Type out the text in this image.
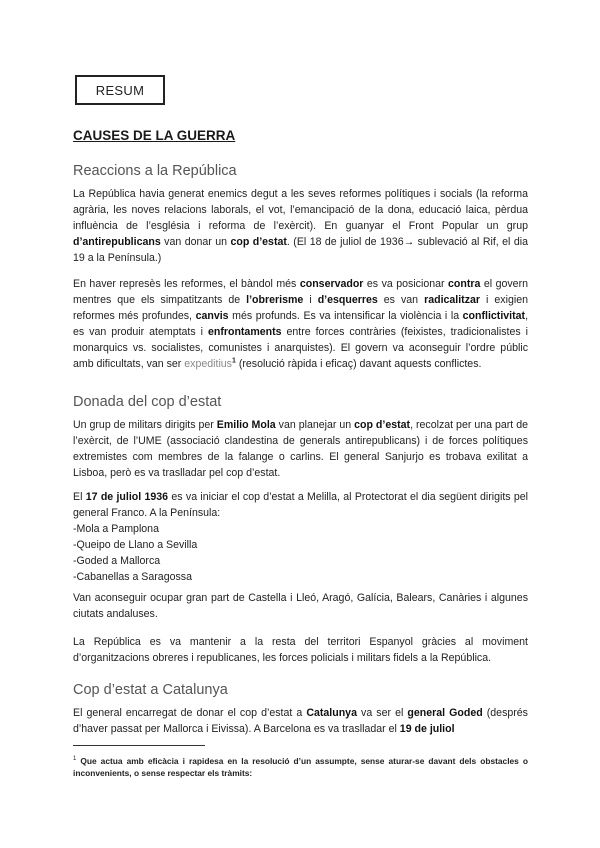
RESUM
CAUSES DE LA GUERRA
Reaccions a la República

La República havia generat enemics degut a les seves reformes polítiques i socials (la reforma agrària, les noves relacions laborals, el vot, l’emancipació de la dona, educació laica, pèrdua influència de l’església i reforma de l’exèrcit). En guanyar el Front Popular un grup d’antirepublicans van donar un cop d’estat. (El 18 de juliol de 1936→ sublevació al Rif, el dia 19 a la Península.)

En haver represès les reformes, el bàndol més conservador es va posicionar contra el govern mentres que els simpatitzants de l’obrerisme i d’esquerres es van radicalitzar i exigien reformes més profundes, canvis més profunds. Es va intensificar la violència i la conflictivitat, es van produir atemptats i enfrontaments entre forces contràries (feixistes, tradicionalistes i monarquics vs. socialistes, comunistes i anarquistes). El govern va aconseguir l’ordre públic amb dificultats, van ser expeditius$^1$ (resolució ràpida i eficaç) davant aquests conflictes.

Donada del cop d’estat

Un grup de militars dirigits per Emilio Mola van planejar un cop d’estat, recolzat per una part de l’exèrcit, de l’UME (associació clandestina de generals antirepublicans) i de forces polítiques extremistes com membres de la falange o carlins. El general Sanjurjo es trobava exilitat a Lisboa, però es va traslladar pel cop d’estat.

El 17 de juliol 1936 es va iniciar el cop d’estat a Melilla, al Protectorat el dia següent dirigits pel general Franco. A la Península:
-Mola a Pamplona
-Queipo de Llano a Sevilla
-Goded a Mallorca
-Cabanellas a Saragossa

Van aconseguir ocupar gran part de Castella i Lleó, Aragó, Galícia, Balears, Canàries i algunes ciutats andaluses.

La República es va mantenir a la resta del territori Espanyol gràcies al moviment d’organitzacions obreres i republicanes, les forces policials i militars fidels a la República.

Cop d’estat a Catalunya

El general encarregat de donar el cop d’estat a Catalunya va ser el general Goded (després d’haver passat per Mallorca i Eivissa). A Barcelona es va traslladar el 19 de juliol

$^1$ Que actua amb eficàcia i rapidesa en la resolució d’un assumpte, sense aturar-se davant dels obstacles o inconvenients, o sense respectar els tràmits:
